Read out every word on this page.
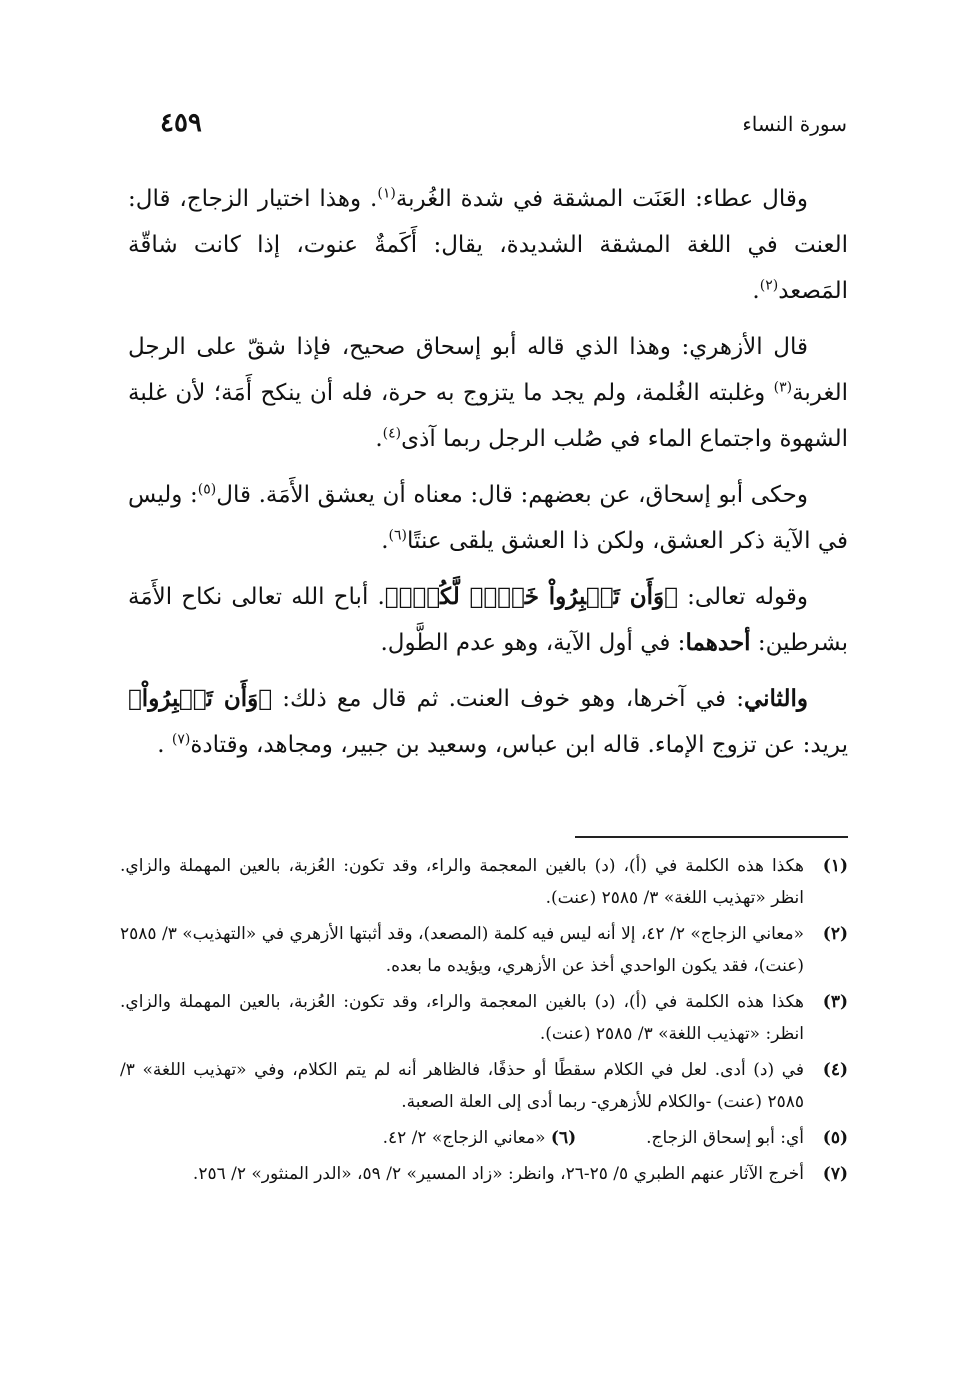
سورة النساء
٤٥٩

وقال عطاء: العَنَت المشقة في شدة الغُربة$^{(١)}$. وهذا اختيار الزجاج، قال: العنت في اللغة المشقة الشديدة، يقال: أَكَمةٌ عنوت، إذا كانت شاقّة المَصعد$^{(٢)}$.

قال الأزهري: وهذا الذي قاله أبو إسحاق صحيح، فإذا شقّ على الرجل الغربة$^{(٣)}$ وغلبته الغُلمة، ولم يجد ما يتزوج به حرة، فله أن ينكح أَمَة؛ لأن غلبة الشهوة واجتماع الماء في صُلب الرجل ربما آذى$^{(٤)}$.

وحكى أبو إسحاق، عن بعضهم: قال: معناه أن يعشق الأَمَة. قال$^{(٥)}$: وليس في الآية ذكر العشق، ولكن ذا العشق يلقى عنتًا$^{(٦)}$.

وقوله تعالى: ﴿وَأَن تَصۡبِرُواْ خَيۡرٞ لَّكُمۡۗ﴾. أباح الله تعالى نكاح الأَمَة بشرطين: أحدهما: في أول الآية، وهو عدم الطَّول.

والثاني: في آخرها، وهو خوف العنت. ثم قال مع ذلك: ﴿وَأَن تَصۡبِرُواْ﴾ يريد: عن تزوج الإماء. قاله ابن عباس، وسعيد بن جبير، ومجاهد، وقتادة$^{(٧)}$ .

(١)
هكذا هذه الكلمة في (أ)، (د) بالغين المعجمة والراء، وقد تكون: العُزبة، بالعين المهملة والزاي. انظر «تهذيب اللغة» ٣/ ٢٥٨٥ (عنت).
(٢)
«معاني الزجاج» ٢/ ٤٢، إلا أنه ليس فيه كلمة (المصعد)، وقد أثبتها الأزهري في «التهذيب» ٣/ ٢٥٨٥ (عنت)، فقد يكون الواحدي أخذ عن الأزهري، ويؤيده ما بعده.
(٣)
هكذا هذه الكلمة في (أ)، (د) بالغين المعجمة والراء، وقد تكون: العُزبة، بالعين المهملة والزاي. انظر: «تهذيب اللغة» ٣/ ٢٥٨٥ (عنت).
(٤)
في (د) أدى. لعل في الكلام سقطًا أو حذفًا، فالظاهر أنه لم يتم الكلام، وفي «تهذيب اللغة» ٣/ ٢٥٨٥ (عنت) -والكلام للأزهري- ربما أدى إلى العلة الصعبة.
(٥)
أي: أبو إسحاق الزجاج.(٦) «معاني الزجاج» ٢/ ٤٢.
(٧)
أخرج الآثار عنهم الطبري ٥/ ٢٥-٢٦، وانظر: «زاد المسير» ٢/ ٥٩، «الدر المنثور» ٢/ ٢٥٦.
